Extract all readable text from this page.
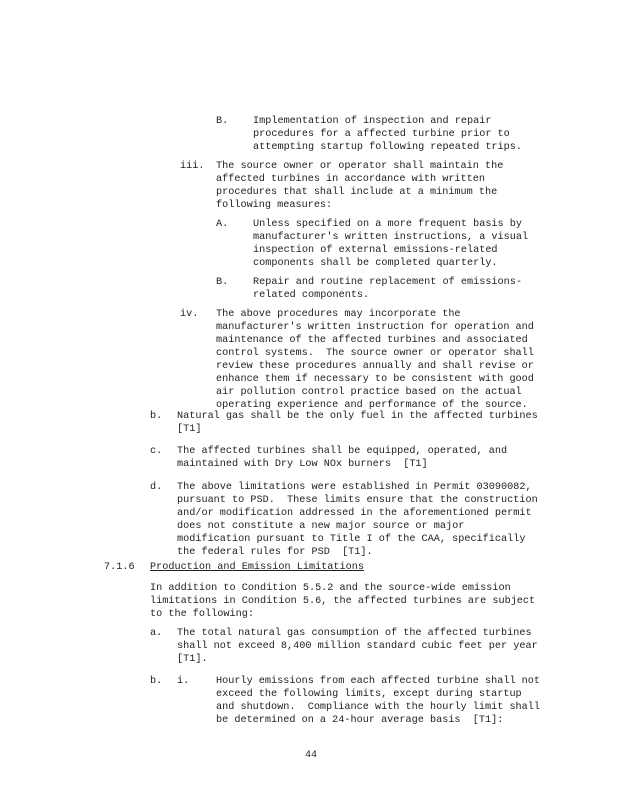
B. Implementation of inspection and repair
procedures for a affected turbine prior to
attempting startup following repeated trips.
iii. The source owner or operator shall maintain the
affected turbines in accordance with written
procedures that shall include at a minimum the
following measures:
A. Unless specified on a more frequent basis by
manufacturer's written instructions, a visual
inspection of external emissions-related
components shall be completed quarterly.
B. Repair and routine replacement of emissions-
related components.
iv. The above procedures may incorporate the
manufacturer's written instruction for operation and
maintenance of the affected turbines and associated
control systems.  The source owner or operator shall
review these procedures annually and shall revise or
enhance them if necessary to be consistent with good
air pollution control practice based on the actual
operating experience and performance of the source.
b. Natural gas shall be the only fuel in the affected turbines
[T1]
c. The affected turbines shall be equipped, operated, and
maintained with Dry Low NOx burners  [T1]
d. The above limitations were established in Permit 03090082,
pursuant to PSD.  These limits ensure that the construction
and/or modification addressed in the aforementioned permit
does not constitute a new major source or major
modification pursuant to Title I of the CAA, specifically
the federal rules for PSD  [T1].
7.1.6 Production and Emission Limitations
In addition to Condition 5.5.2 and the source-wide emission
limitations in Condition 5.6, the affected turbines are subject
to the following:
a. The total natural gas consumption of the affected turbines
shall not exceed 8,400 million standard cubic feet per year
[T1].
b. i.	Hourly emissions from each affected turbine shall not
exceed the following limits, except during startup
and shutdown.  Compliance with the hourly limit shall
be determined on a 24-hour average basis  [T1]:
44
